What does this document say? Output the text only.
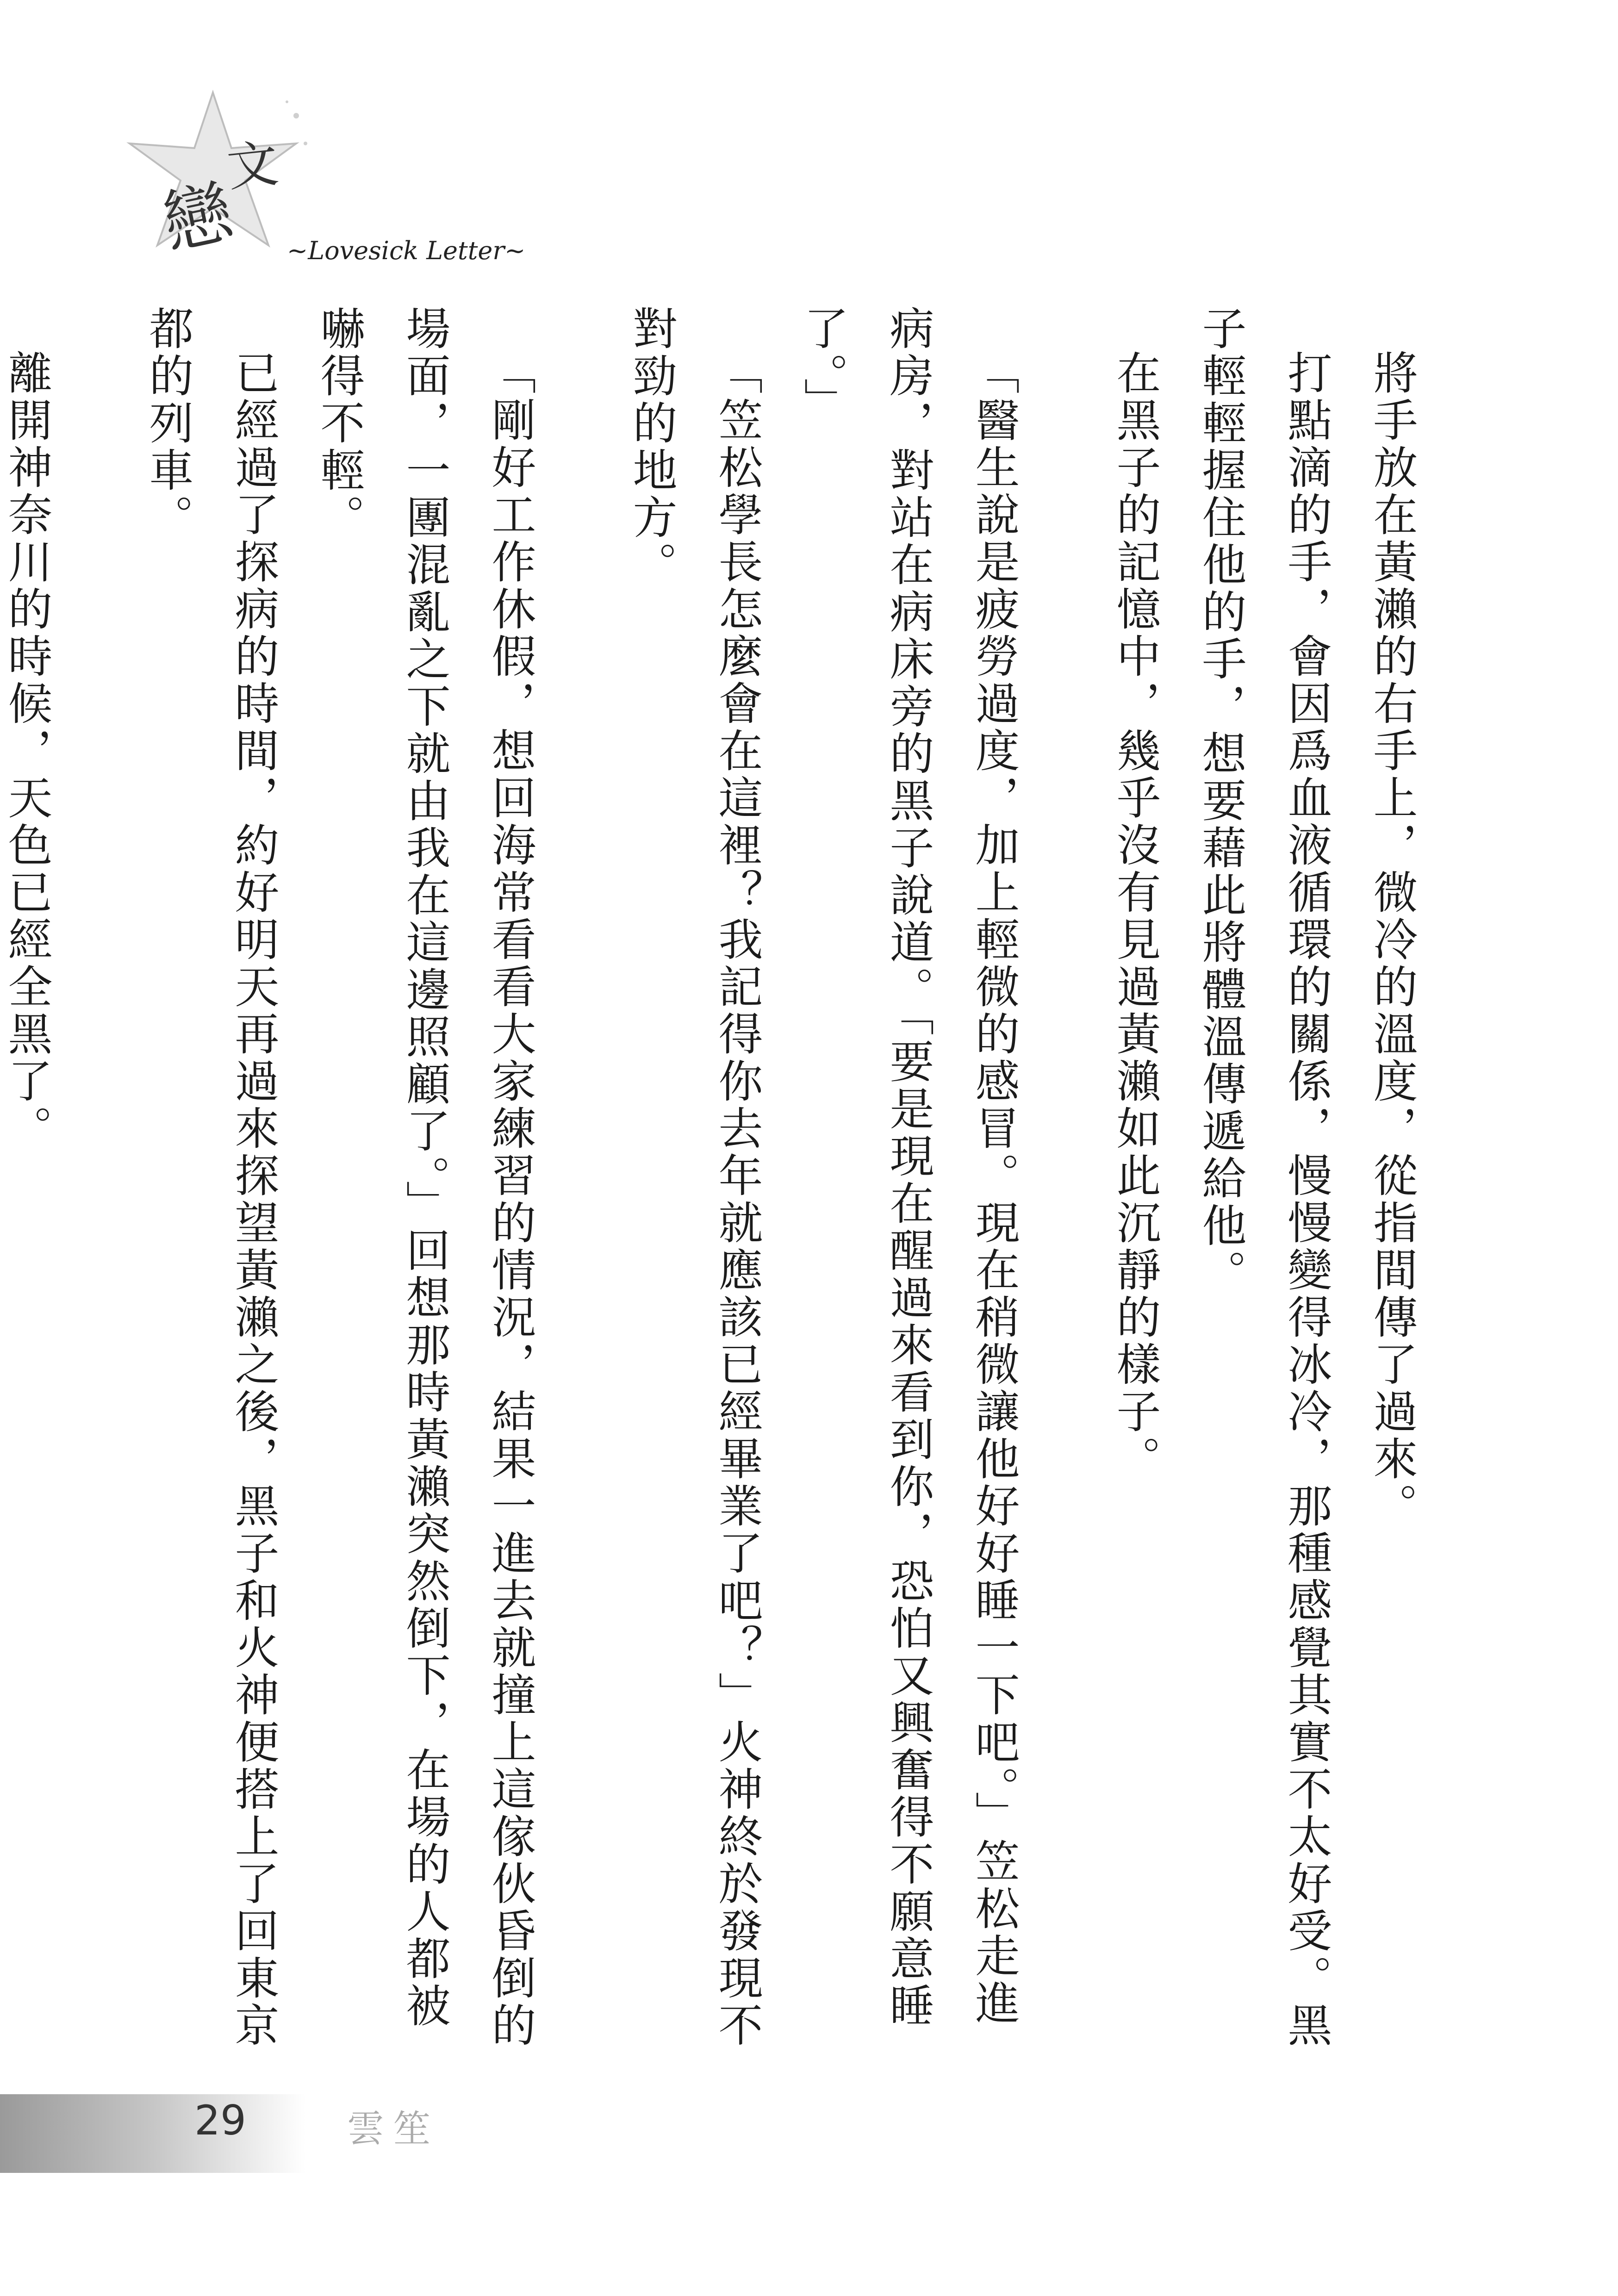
戀
文
~Lovesick Letter~

將手放在黃瀨的右手上，微冷的溫度，從指間傳了過來。

打點滴的手，會因爲血液循環的關係，慢慢變得冰冷，那種感覺其實不太好受。黑子輕輕握住他的手，想要藉此將體溫傳遞給他。

在黑子的記憶中，幾乎沒有見過黃瀨如此沉靜的樣子。

「醫生說是疲勞過度，加上輕微的感冒。現在稍微讓他好好睡一下吧。」笠松走進病房，對站在病床旁的黑子說道。「要是現在醒過來看到你，恐怕又興奮得不願意睡了。」

「笠松學長怎麼會在這裡？我記得你去年就應該已經畢業了吧？」火神終於發現不對勁的地方。

「剛好工作休假，想回海常看看大家練習的情況，結果一進去就撞上這傢伙昏倒的場面，一團混亂之下就由我在這邊照顧了。」回想那時黃瀨突然倒下，在場的人都被嚇得不輕。

已經過了探病的時間，約好明天再過來探望黃瀨之後，黑子和火神便搭上了回東京都的列車。

離開神奈川的時候，天色已經全黑了。

29	雲笙
